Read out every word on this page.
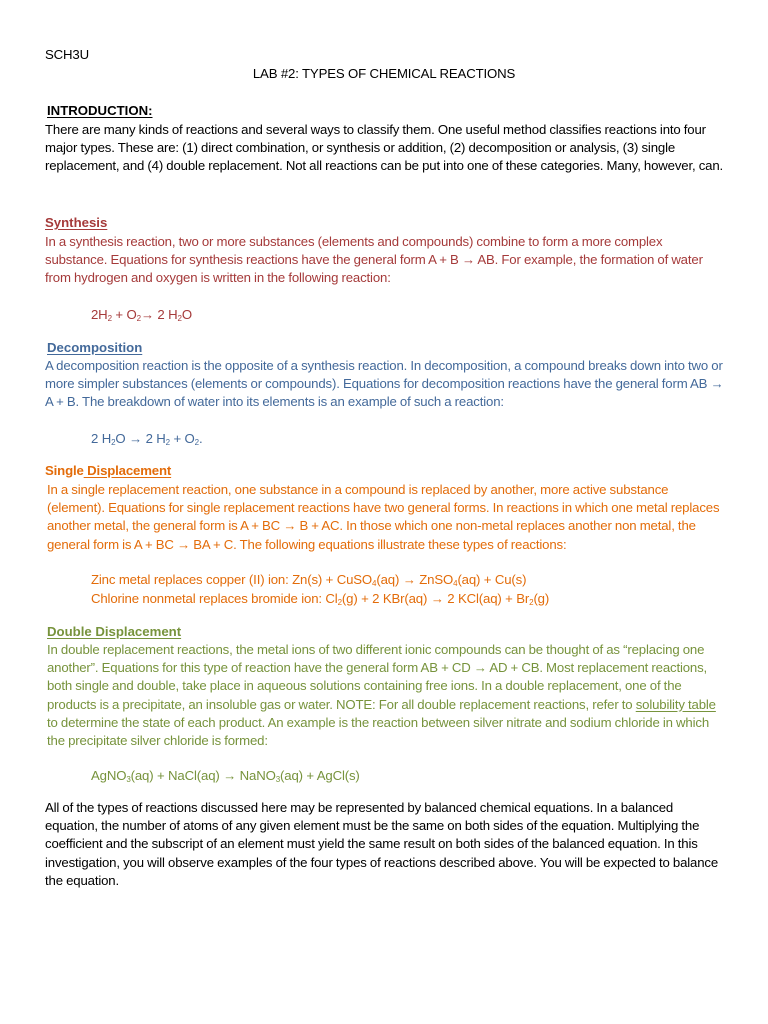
SCH3U
LAB #2: TYPES OF CHEMICAL REACTIONS
INTRODUCTION:

There are many kinds of reactions and several ways to classify them. One useful method classifies reactions into four major types. These are: (1) direct combination, or synthesis or addition, (2) decomposition or analysis, (3) single replacement, and (4) double replacement. Not all reactions can be put into one of these categories. Many, however, can.

Synthesis

In a synthesis reaction, two or more substances (elements and compounds) combine to form a more complex substance. Equations for synthesis reactions have the general form A + B → AB. For example, the formation of water from hydrogen and oxygen is written in the following reaction:

$2H_2 + O_2\to 2$ $H_2O$
Decomposition

A decomposition reaction is the opposite of a synthesis reaction. In decomposition, a compound breaks down into two or more simpler substances (elements or compounds). Equations for decomposition reactions have the general form AB → A + B. The breakdown of water into its elements is an example of such a reaction:

2 $H_2O \to 2$ $H_2 + O_2$.
Single Displacement

In a single replacement reaction, one substance in a compound is replaced by another, more active substance (element). Equations for single replacement reactions have two general forms. In reactions in which one metal replaces another metal, the general form is A + BC → B + AC. In those which one non-metal replaces another non metal, the general form is A + BC → BA + C. The following equations illustrate these types of reactions:

Zinc metal replaces copper (II) ion: Zn(s) + CuSO$_4$(aq) → ZnSO$_4$(aq) + Cu(s)
Chlorine nonmetal replaces bromide ion: $Cl_2(g) + 2$ KBr(aq) → 2 $KCl(aq) + Br_2(g)$
Double Displacement

In double replacement reactions, the metal ions of two different ionic compounds can be thought of as “replacing one another”. Equations for this type of reaction have the general form AB + CD → AD + CB. Most replacement reactions, both single and double, take place in aqueous solutions containing free ions. In a double replacement, one of the products is a precipitate, an insoluble gas or water. NOTE: For all double replacement reactions, refer to solubility table to determine the state of each product. An example is the reaction between silver nitrate and sodium chloride in which the precipitate silver chloride is formed:

AgNO$_3$(aq) + NaCl(aq) → NaNO$_3$(aq) + AgCl(s)

All of the types of reactions discussed here may be represented by balanced chemical equations. In a balanced equation, the number of atoms of any given element must be the same on both sides of the equation. Multiplying the coefficient and the subscript of an element must yield the same result on both sides of the balanced equation. In this investigation, you will observe examples of the four types of reactions described above. You will be expected to balance the equation.
